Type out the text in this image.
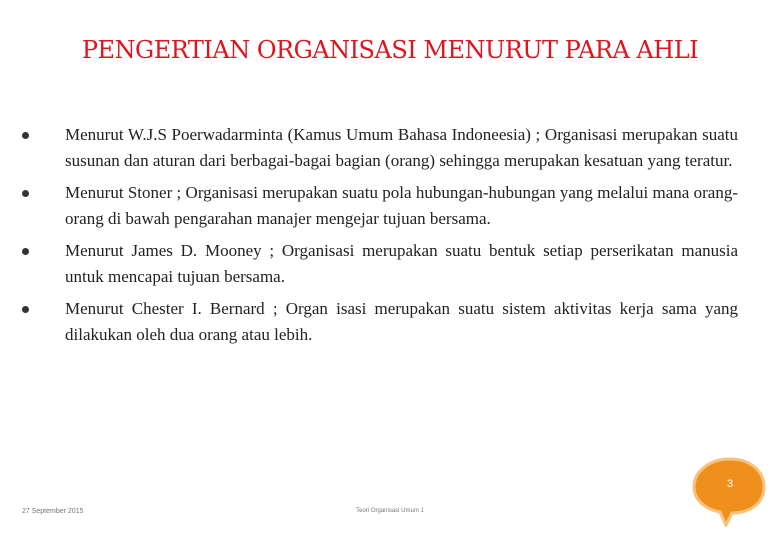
PENGERTIAN ORGANISASI MENURUT PARA AHLI
Menurut W.J.S Poerwadarminta (Kamus Umum Bahasa Indoneesia) ; Organisasi merupakan suatu susunan dan aturan dari berbagai-bagai bagian (orang) sehingga merupakan kesatuan yang teratur.
Menurut Stoner ; Organisasi merupakan suatu pola hubungan-hubungan yang melalui mana orang-orang di bawah pengarahan manajer mengejar tujuan bersama.
Menurut James D. Mooney ; Organisasi merupakan suatu bentuk setiap perserikatan manusia untuk mencapai tujuan bersama.
Menurut Chester I. Bernard ; Organ isasi merupakan suatu sistem aktivitas kerja sama yang dilakukan oleh dua orang atau lebih.
27 September 2015	Teori Organisasi Umum 1
3
